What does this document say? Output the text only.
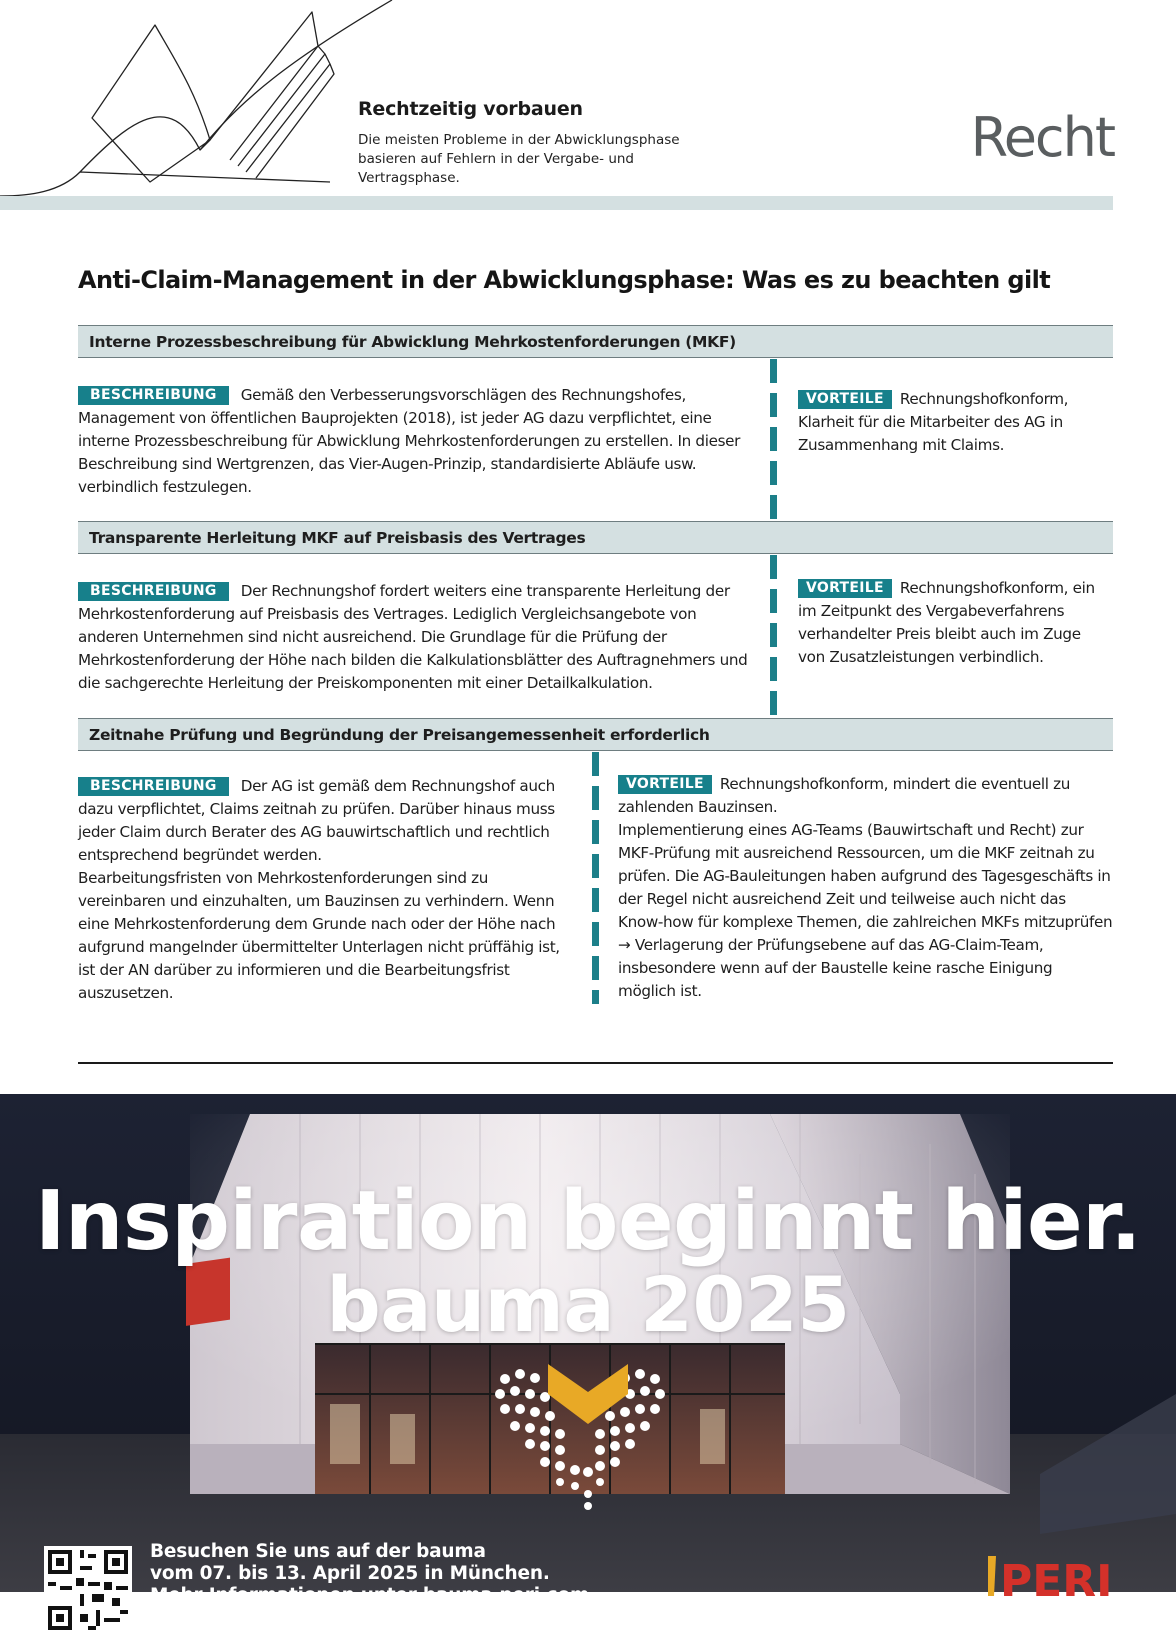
Rechtzeitig vorbauen
Die meisten Probleme in der Abwicklungsphase basieren auf Fehlern in der Vergabe- und Vertragsphase.
Recht
Anti-Claim-Management in der Abwicklungsphase: Was es zu beachten gilt
Interne Prozessbeschreibung für Abwicklung Mehrkostenforderungen (MKF)
BESCHREIBUNG Gemäß den Verbesserungsvorschlägen des Rechnungshofes, Management von öffentlichen Bauprojekten (2018), ist jeder AG dazu verpflichtet, eine interne Prozessbeschreibung für Abwicklung Mehrkostenforderungen zu erstellen. In dieser Beschreibung sind Wertgrenzen, das Vier-Augen-Prinzip, standardisierte Abläufe usw. verbindlich festzulegen.
VORTEILE Rechnungshofkonform, Klarheit für die Mitarbeiter des AG in Zusammenhang mit Claims.
Transparente Herleitung MKF auf Preisbasis des Vertrages
BESCHREIBUNG Der Rechnungshof fordert weiters eine transparente Herleitung der Mehrkostenforderung auf Preisbasis des Vertrages. Lediglich Vergleichsangebote von anderen Unternehmen sind nicht ausreichend. Die Grundlage für die Prüfung der Mehrkostenforderung der Höhe nach bilden die Kalkulationsblätter des Auftragnehmers und die sachgerechte Herleitung der Preiskomponenten mit einer Detailkalkulation.
VORTEILE Rechnungshofkonform, ein im Zeitpunkt des Vergabeverfahrens verhandelter Preis bleibt auch im Zuge von Zusatzleistungen verbindlich.
Zeitnahe Prüfung und Begründung der Preisangemessenheit erforderlich
BESCHREIBUNG Der AG ist gemäß dem Rechnungshof auch dazu verpflichtet, Claims zeitnah zu prüfen. Darüber hinaus muss jeder Claim durch Berater des AG bauwirtschaftlich und rechtlich entsprechend begründet werden.
Bearbeitungsfristen von Mehrkostenforderungen sind zu vereinbaren und einzuhalten, um Bauzinsen zu verhindern. Wenn eine Mehrkostenforderung dem Grunde nach oder der Höhe nach aufgrund mangelnder übermittelter Unterlagen nicht prüffähig ist, ist der AN darüber zu informieren und die Bearbeitungsfrist auszusetzen.
VORTEILE Rechnungshofkonform, mindert die eventuell zu zahlenden Bauzinsen.
Implementierung eines AG-Teams (Bauwirtschaft und Recht) zur MKF-Prüfung mit ausreichend Ressourcen, um die MKF zeitnah zu prüfen. Die AG-Bauleitungen haben aufgrund des Tagesgeschäfts in der Regel nicht ausreichend Zeit und teilweise auch nicht das Know-how für komplexe Themen, die zahlreichen MKFs mitzuprüfen → Verlagerung der Prüfungsebene auf das AG-Claim-Team, insbesondere wenn auf der Baustelle keine rasche Einigung möglich ist.
Inspiration beginnt hier.
bauma 2025
Besuchen Sie uns auf der bauma
vom 07. bis 13. April 2025 in München.
Mehr Informationen unter bauma.peri.com	PERI
